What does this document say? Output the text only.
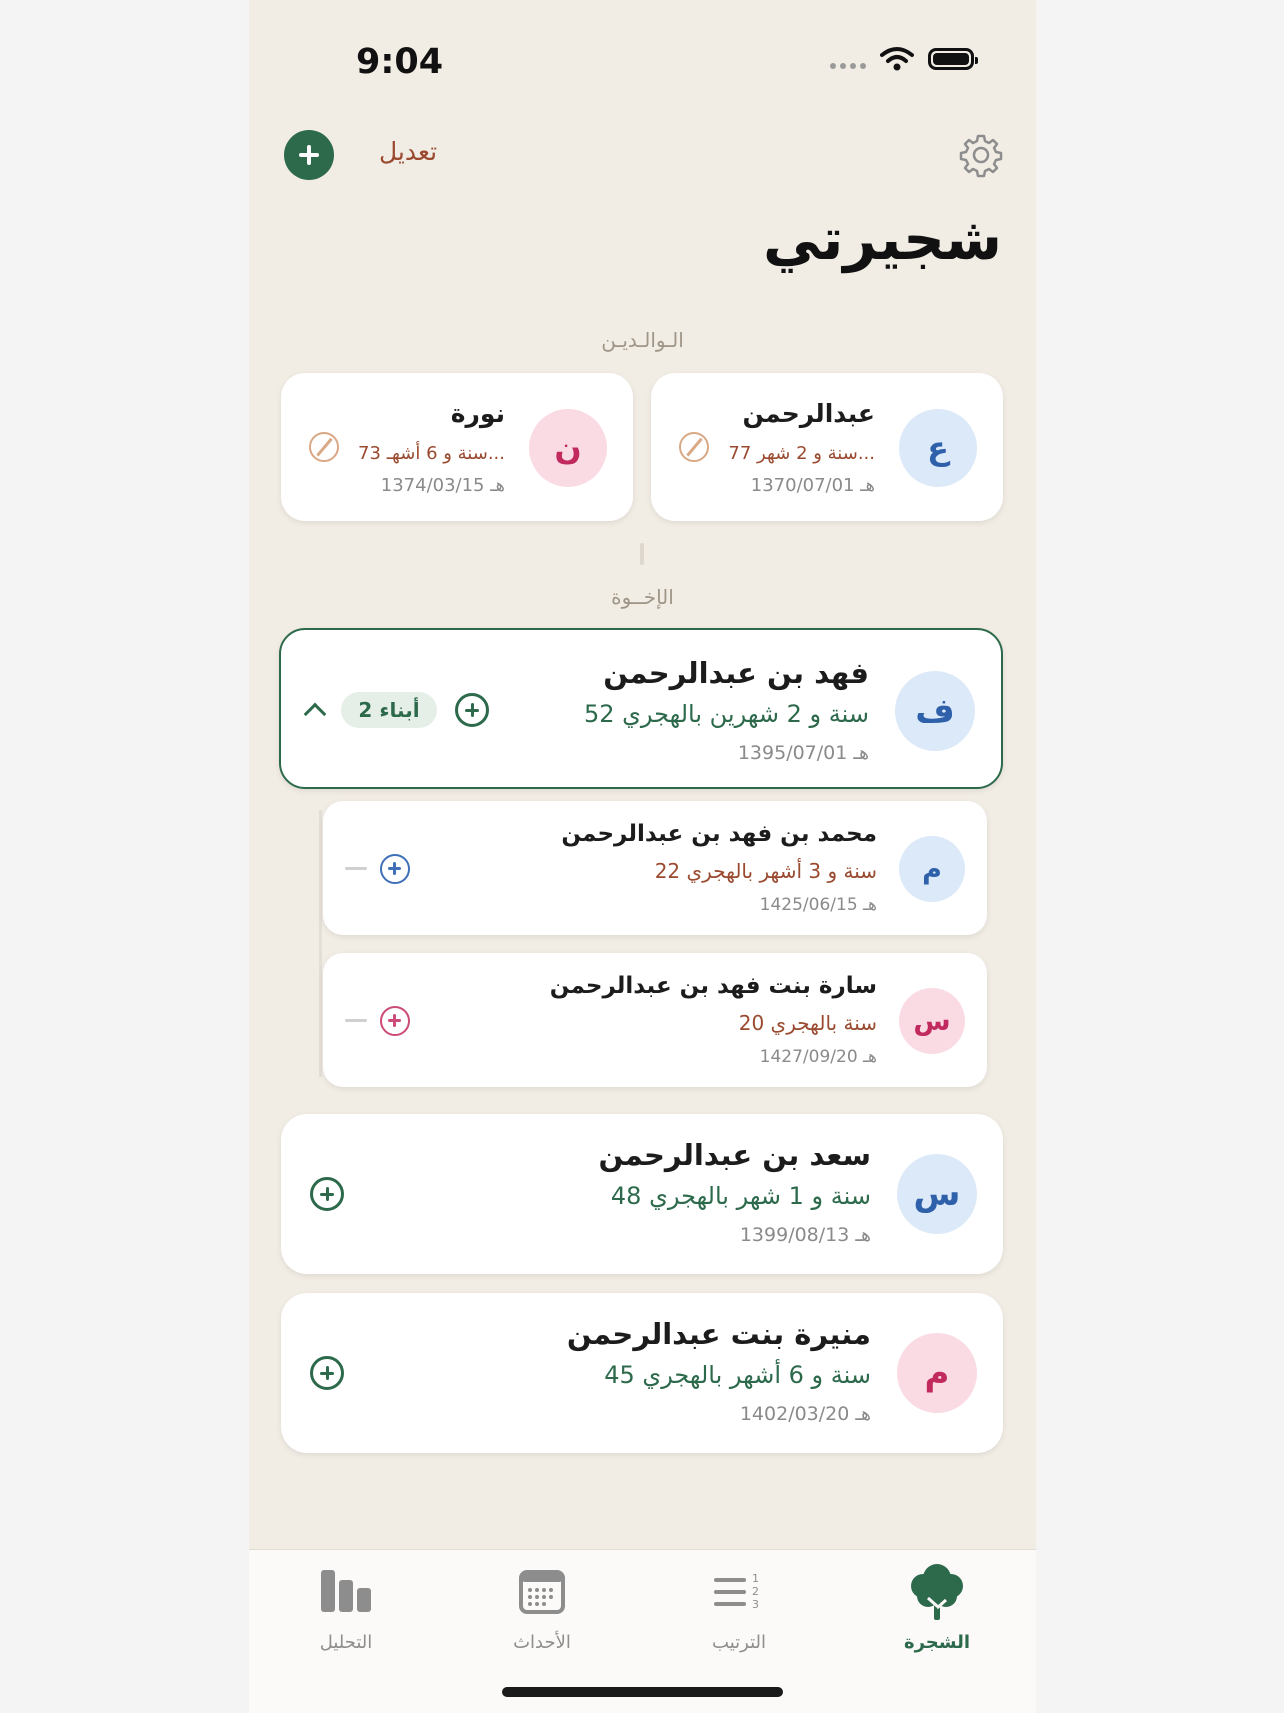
9:04
تعديل
شجيرتي
الـوالـديـن
ع
عبدالرحمن
77 سنة و 2 شهر...
1370/07/01 هـ
ن
نورة
73 سنة و 6 أشهـ...
1374/03/15 هـ
الإخــوة
ف
فهد بن عبدالرحمن
52 سنة و 2 شهرين بالهجري
1395/07/01 هـ
2 أبناء
م
محمد بن فهد بن عبدالرحمن
22 سنة و 3 أشهر بالهجري
1425/06/15 هـ
س
سارة بنت فهد بن عبدالرحمن
20 سنة بالهجري
1427/09/20 هـ
س
سعد بن عبدالرحمن
48 سنة و 1 شهر بالهجري
1399/08/13 هـ
م
منيرة بنت عبدالرحمن
45 سنة و 6 أشهر بالهجري
1402/03/20 هـ
الشجرة
1
2
3
الترتيب
الأحداث
التحليل
